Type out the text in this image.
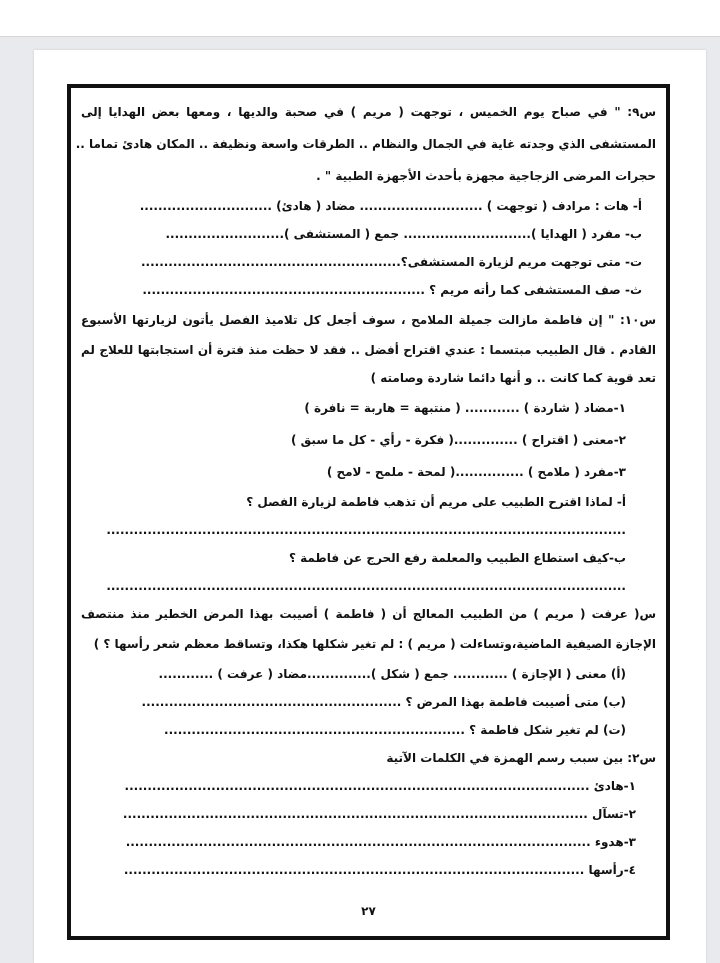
س٩: " في صباح يوم الخميس ، توجهت ( مريم ) في صحبة والديها ، ومعها بعض الهدايا إلى
المستشفى الذي وجدته غاية في الجمال والنظام .. الطرقات واسعة ونظيفة .. المكان هادئ تماما ..
حجرات المرضى الزجاجية مجهزة بأحدث الأجهزة الطبية " .
أ- هات : مرادف ( توجهت ) ........................... مضاد ( هادئ) .............................
ب- مفرد ( الهدايا )............................ جمع ( المستشفى )..........................
ت- متى توجهت مريم لزيارة المستشفى؟.........................................................
ث- صف المستشفى كما رأته مريم ؟ ..............................................................
س١٠: " إن فاطمة مازالت جميلة الملامح ، سوف أجعل كل تلاميذ الفصل يأتون لزيارتها الأسبوع
القادم . قال الطبيب مبتسما : عندي اقتراح أفضل .. فقد لا حظت منذ فترة أن استجابتها للعلاج لم
تعد قوية كما كانت .. و أنها دائما شاردة وصامته )
١-مضاد ( شاردة ) ............ ( منتبهة = هاربة = نافرة )
٢-معنى ( اقتراح ) ..............( فكرة - رأي - كل ما سبق )
٣-مفرد ( ملامح ) ...............( لمحة - ملمح - لامح )
أ- لماذا اقترح الطبيب على مريم أن تذهب فاطمة لزيارة الفصل ؟
..................................................................................................................
ب-كيف استطاع الطبيب والمعلمة رفع الحرج عن فاطمة ؟
..................................................................................................................
س( عرفت ( مريم ) من الطبيب المعالج أن ( فاطمة ) أصيبت بهذا المرض الخطير منذ منتصف
الإجازة الصيفية الماضية،وتساءلت ( مريم ) : لم تغير شكلها هكذا، وتساقط معظم شعر رأسها ؟ )
(أ) معنى ( الإجازة ) ............ جمع ( شكل )..............مضاد ( عرفت ) ............
(ب) متى أصيبت فاطمة بهذا المرض ؟ .........................................................
(ت) لم تغير شكل فاطمة ؟ ..................................................................
س٢: بين سبب رسم الهمزة في الكلمات الآتية
١-هادئ ......................................................................................................
٢-تسآل ......................................................................................................
٣-هدوء ......................................................................................................
٤-رأسها .....................................................................................................
٢٧
